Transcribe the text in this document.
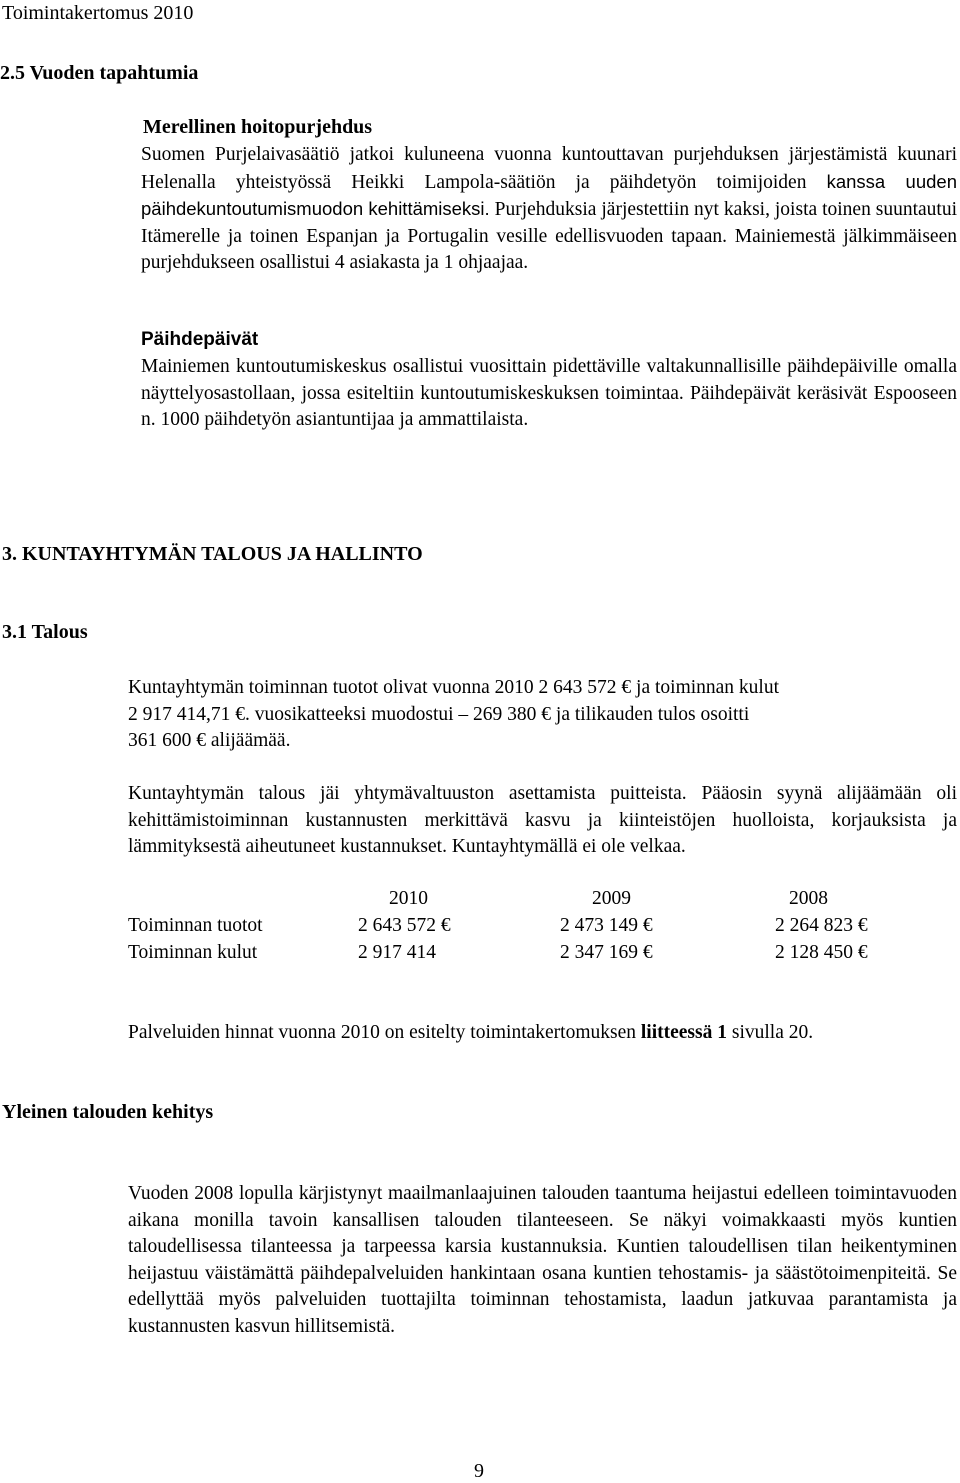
Toimintakertomus 2010
2.5 Vuoden tapahtumia
Merellinen hoitopurjehdus

Suomen Purjelaivasäätiö jatkoi kuluneena vuonna kuntouttavan purjehduksen järjestämistä kuunari Helenalla yhteistyössä Heikki Lampola-säätiön ja päihdetyön toimijoiden kanssa uuden päihdekuntoutumismuodon kehittämiseksi. Purjehduksia järjestettiin nyt kaksi, joista toinen suuntautui Itämerelle ja toinen Espanjan ja Portugalin vesille edellisvuoden tapaan. Mainiemestä jälkimmäiseen purjehdukseen osallistui 4 asiakasta ja 1 ohjaajaa.

Päihdepäivät

Mainiemen kuntoutumiskeskus osallistui vuosittain pidettäville valtakunnallisille päihdepäiville omalla näyttelyosastollaan, jossa esiteltiin kuntoutumiskeskuksen toimintaa. Päihdepäivät keräsivät Espooseen n. 1000 päihdetyön asiantuntijaa ja ammattilaista.

3. KUNTAYHTYMÄN TALOUS JA HALLINTO
3.1 Talous
Kuntayhtymän toiminnan tuotot olivat vuonna 2010 2 643 572 € ja toiminnan kulut
2 917 414,71 €. vuosikatteeksi muodostui – 269 380 € ja tilikauden tulos osoitti
361 600 € alijäämää.

Kuntayhtymän talous jäi yhtymävaltuuston asettamista puitteista. Pääosin syynä alijäämään oli kehittämistoiminnan kustannusten merkittävä kasvu ja kiinteistöjen huolloista, korjauksista ja lämmityksestä aiheutuneet kustannukset. Kuntayhtymällä ei ole velkaa.

2010	2009	2008
Toiminnan tuotot	2 643 572 €	2 473 149 €	2 264 823 €
Toiminnan kulut	2 917 414	2 347 169 €	2 128 450 €
Palveluiden hinnat vuonna 2010 on esitelty toimintakertomuksen liitteessä 1 sivulla 20.
Yleinen talouden kehitys

Vuoden 2008 lopulla kärjistynyt maailmanlaajuinen talouden taantuma heijastui edelleen toimintavuoden aikana monilla tavoin kansallisen talouden tilanteeseen. Se näkyi voimakkaasti myös kuntien taloudellisessa tilanteessa ja tarpeessa karsia kustannuksia. Kuntien taloudellisen tilan heikentyminen heijastuu väistämättä päihdepalveluiden hankintaan osana kuntien tehostamis- ja säästötoimenpiteitä. Se edellyttää myös palveluiden tuottajilta toiminnan tehostamista, laadun jatkuvaa parantamista ja kustannusten kasvun hillitsemistä.

9
